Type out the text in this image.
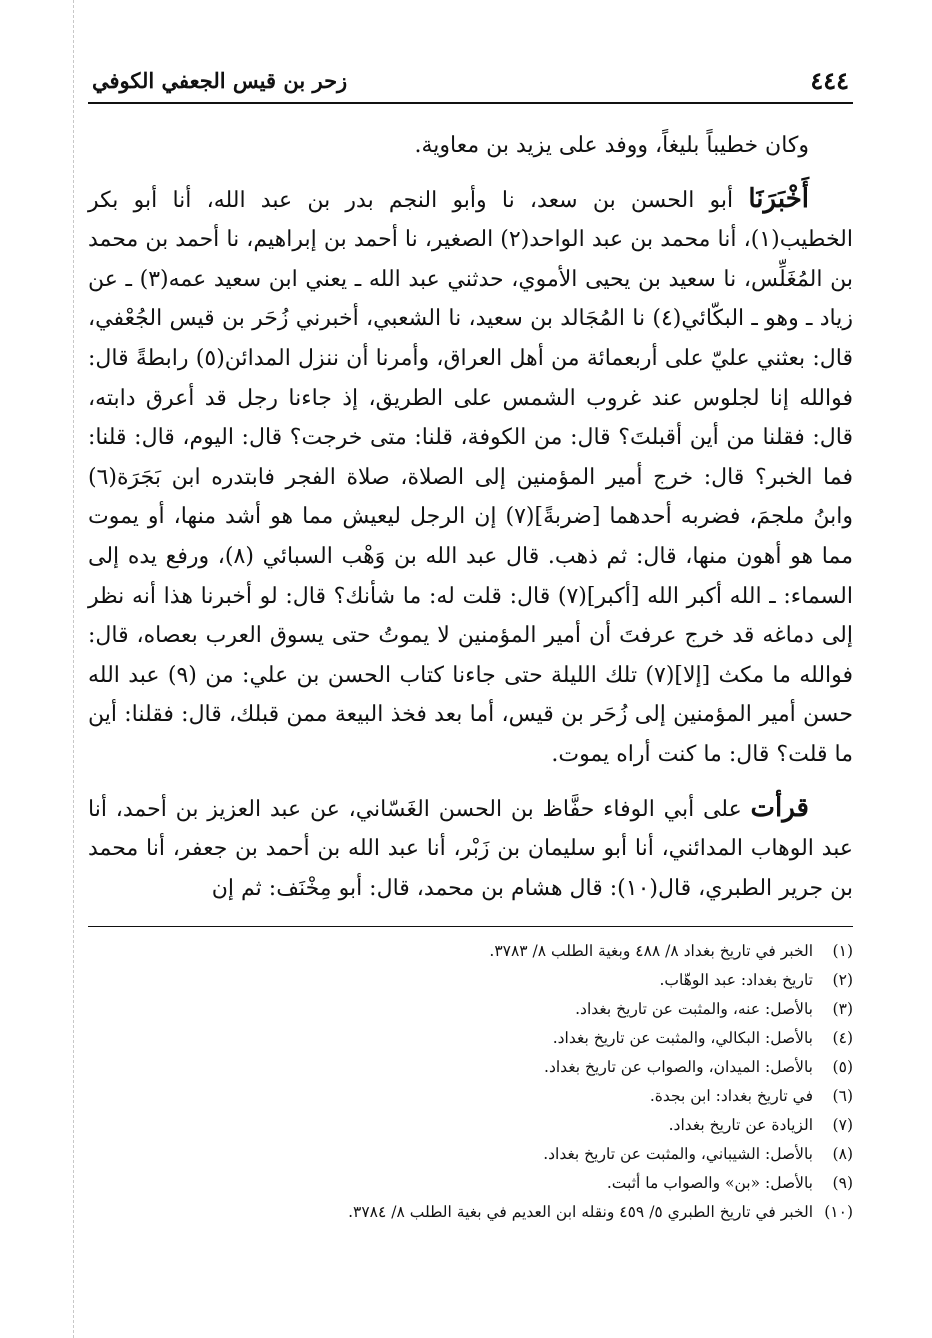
٤٤٤
زحر بن قيس الجعفي الكوفي

وكان خطيباً بليغاً، ووفد على يزيد بن معاوية.

أَخْبَرَنَا أبو الحسن بن سعد، نا وأبو النجم بدر بن عبد الله، أنا أبو بكر الخطيب(١)، أنا محمد بن عبد الواحد(٢) الصغير، نا أحمد بن إبراهيم، نا أحمد بن محمد بن المُغَلِّس، نا سعيد بن يحيى الأموي، حدثني عبد الله ـ يعني ابن سعيد عمه(٣) ـ عن زياد ـ وهو ـ البكّائي(٤) نا المُجَالد بن سعيد، نا الشعبي، أخبرني زُحَر بن قيس الجُعْفي، قال: بعثني عليّ على أربعمائة من أهل العراق، وأمرنا أن ننزل المدائن(٥) رابطةً قال: فوالله إنا لجلوس عند غروب الشمس على الطريق، إذ جاءنا رجل قد أعرق دابته، قال: فقلنا من أين أقبلتَ؟ قال: من الكوفة، قلنا: متى خرجت؟ قال: اليوم، قال: قلنا: فما الخبر؟ قال: خرج أمير المؤمنين إلى الصلاة، صلاة الفجر فابتدره ابن بَجَرَة(٦) وابنُ ملجمَ، فضربه أحدهما [ضربةً](٧) إن الرجل ليعيش مما هو أشد منها، أو يموت مما هو أهون منها، قال: ثم ذهب. قال عبد الله بن وَهْب السبائي (٨)، ورفع يده إلى السماء: ـ الله أكبر الله [أكبر](٧) قال: قلت له: ما شأنك؟ قال: لو أخبرنا هذا أنه نظر إلى دماغه قد خرج عرفتَ أن أمير المؤمنين لا يموتُ حتى يسوق العرب بعصاه، قال: فوالله ما مكث [إلا](٧) تلك الليلة حتى جاءنا كتاب الحسن بن علي: من (٩) عبد الله حسن أمير المؤمنين إلى زُحَر بن قيس، أما بعد فخذ البيعة ممن قبلك، قال: فقلنا: أين ما قلت؟ قال: ما كنت أراه يموت.

قرأت على أبي الوفاء حفَّاظ بن الحسن الغَسّاني، عن عبد العزيز بن أحمد، أنا عبد الوهاب المدائني، أنا أبو سليمان بن زَبْر، أنا عبد الله بن أحمد بن جعفر، أنا محمد بن جرير الطبري، قال(١٠): قال هشام بن محمد، قال: أبو مِخْنَف: ثم إن

(١)
الخبر في تاريخ بغداد ٨/ ٤٨٨ وبغية الطلب ٨/ ٣٧٨٣.
(٢)
تاريخ بغداد: عبد الوهّاب.
(٣)
بالأصل: عنه، والمثبت عن تاريخ بغداد.
(٤)
بالأصل: البكالي، والمثبت عن تاريخ بغداد.
(٥)
بالأصل: الميدان، والصواب عن تاريخ بغداد.
(٦)
في تاريخ بغداد: ابن بجدة.
(٧)
الزيادة عن تاريخ بغداد.
(٨)
بالأصل: الشيباني، والمثبت عن تاريخ بغداد.
(٩)
بالأصل: «بن» والصواب ما أثبت.
(١٠)
الخبر في تاريخ الطبري ٥/ ٤٥٩ ونقله ابن العديم في بغية الطلب ٨/ ٣٧٨٤.
